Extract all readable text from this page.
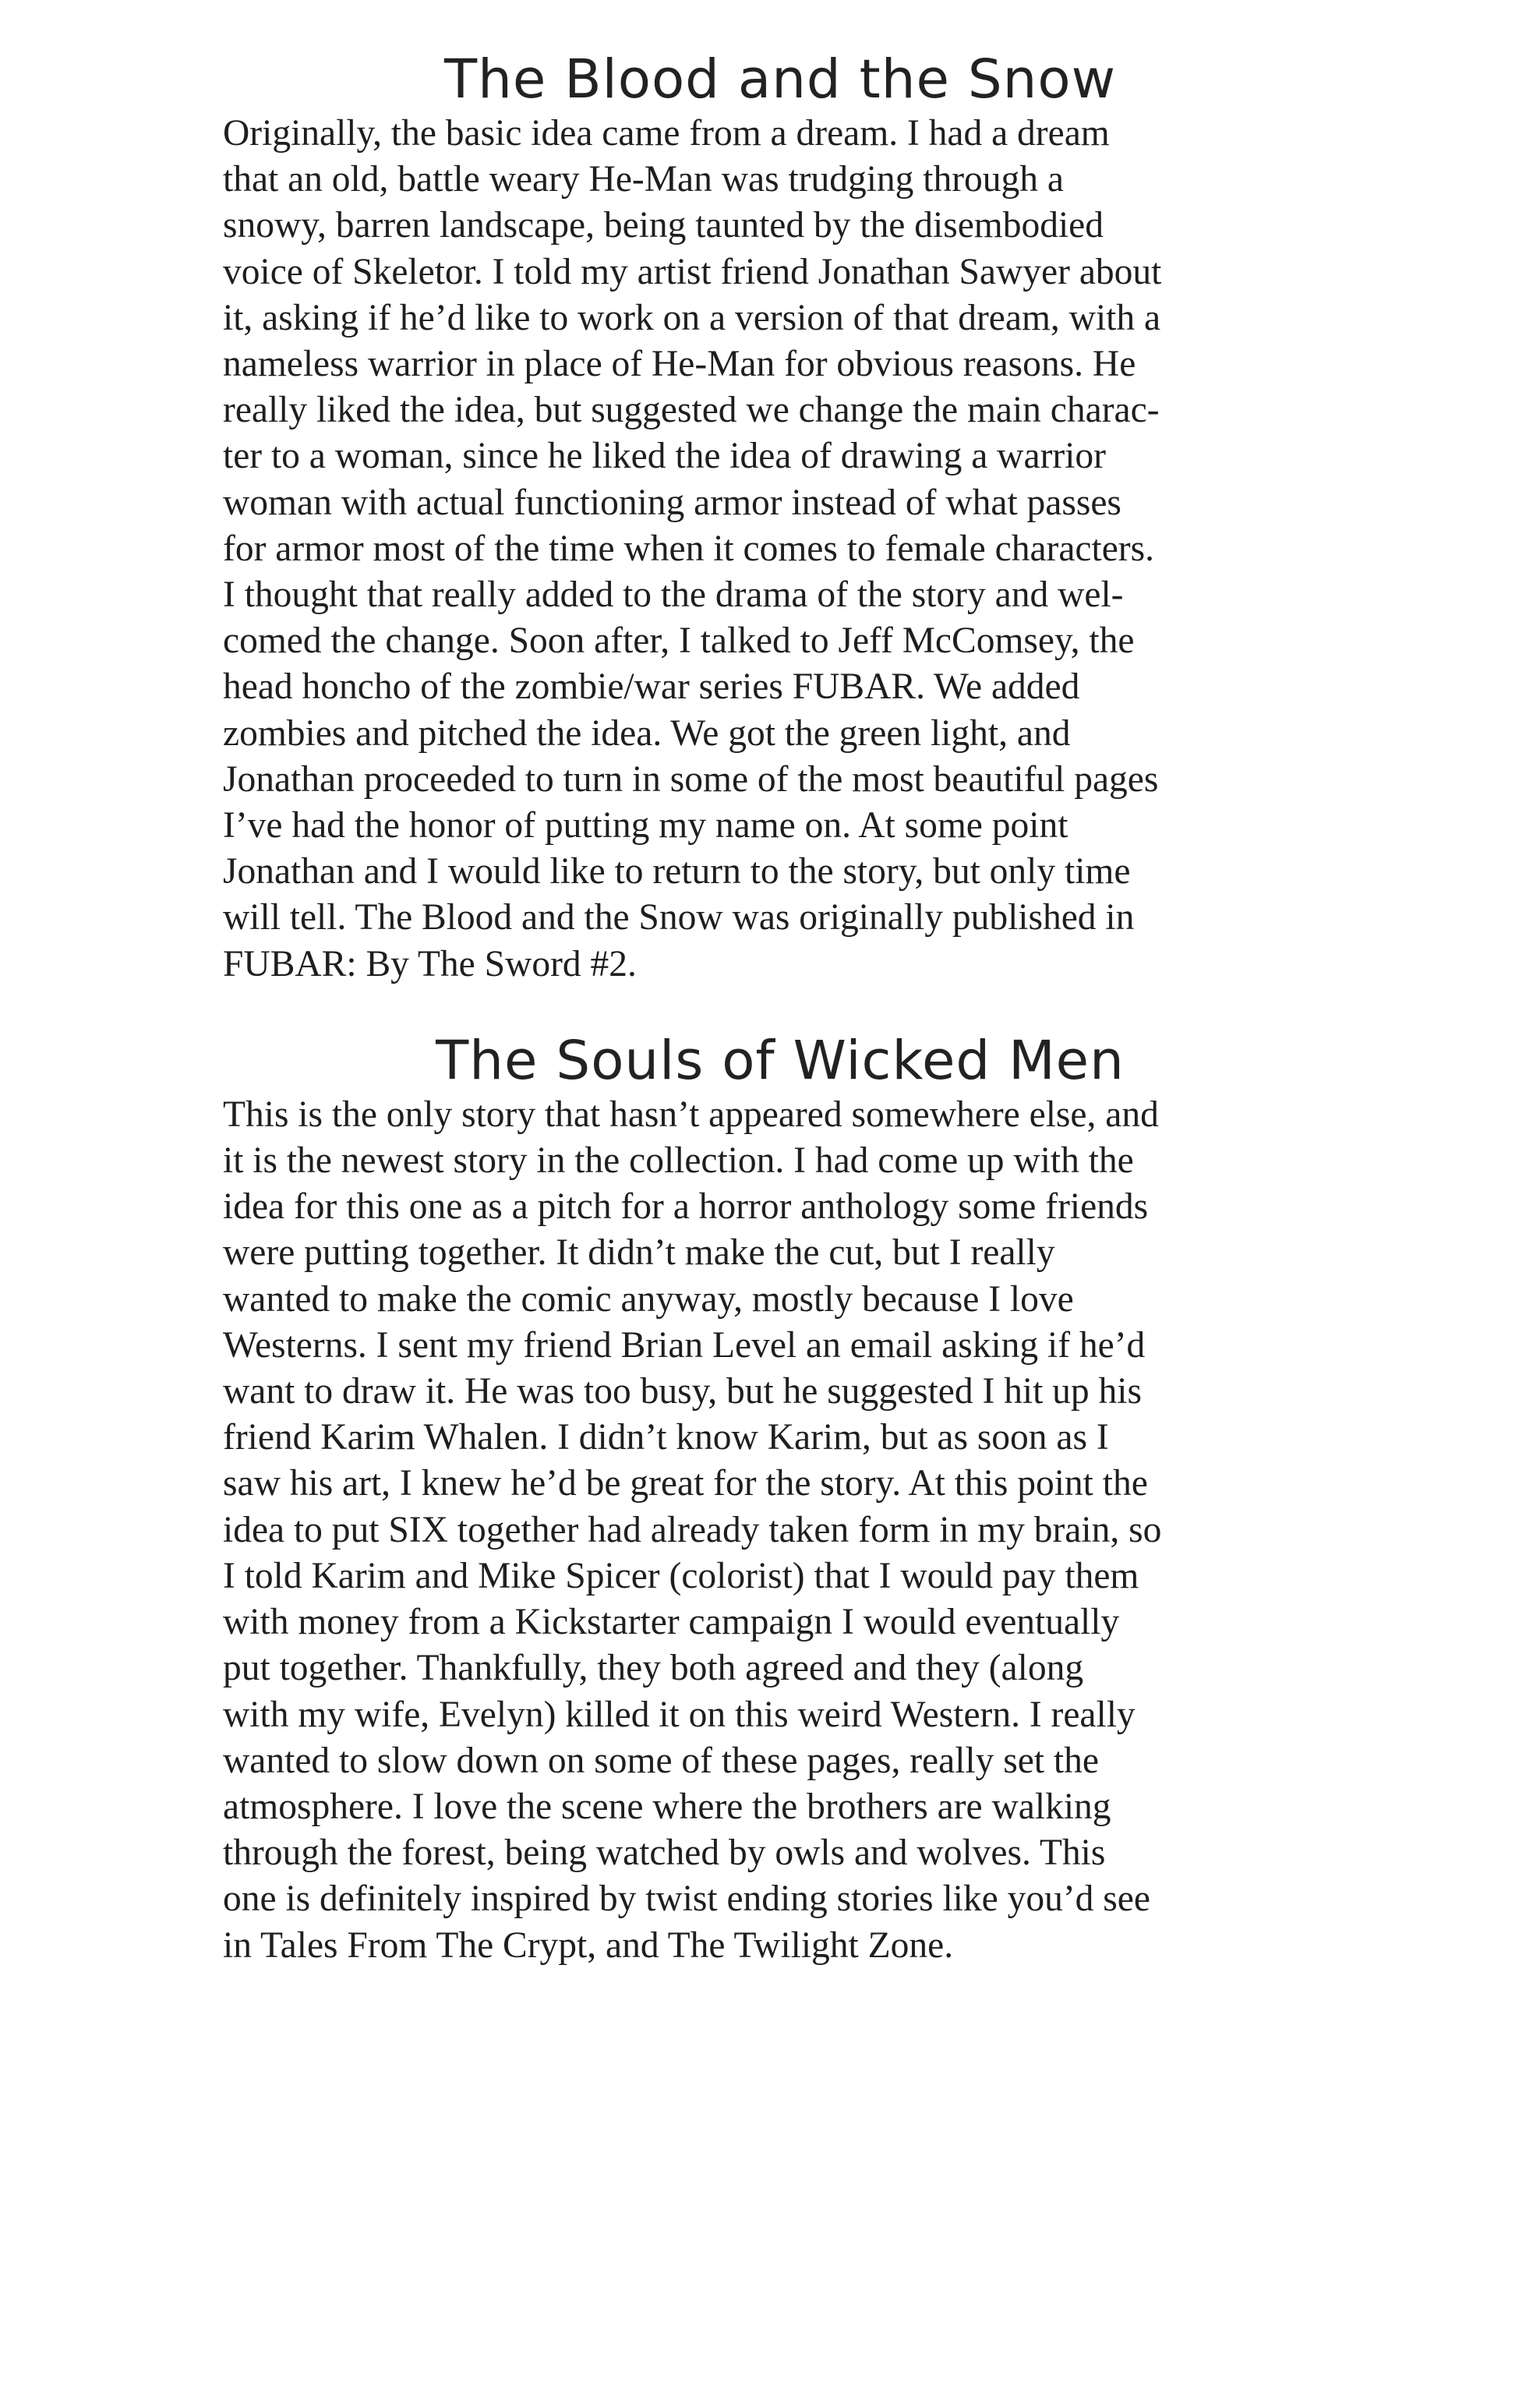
The Blood and the Snow

Originally, the basic idea came from a dream. I had a dream
that an old, battle weary He-Man was trudging through a
snowy, barren landscape, being taunted by the disembodied
voice of Skeletor. I told my artist friend Jonathan Sawyer about
it, asking if he’d like to work on a version of that dream, with a
nameless warrior in place of He-Man for obvious reasons. He
really liked the idea, but suggested we change the main charac-
ter to a woman, since he liked the idea of drawing a warrior
woman with actual functioning armor instead of what passes
for armor most of the time when it comes to female characters.
I thought that really added to the drama of the story and wel-
comed the change. Soon after, I talked to Jeff McComsey, the
head honcho of the zombie/war series FUBAR. We added
zombies and pitched the idea. We got the green light, and
Jonathan proceeded to turn in some of the most beautiful pages
I’ve had the honor of putting my name on. At some point
Jonathan and I would like to return to the story, but only time
will tell. The Blood and the Snow was originally published in
FUBAR: By The Sword #2.

The Souls of Wicked Men

This is the only story that hasn’t appeared somewhere else, and
it is the newest story in the collection. I had come up with the
idea for this one as a pitch for a horror anthology some friends
were putting together. It didn’t make the cut, but I really
wanted to make the comic anyway, mostly because I love
Westerns. I sent my friend Brian Level an email asking if he’d
want to draw it. He was too busy, but he suggested I hit up his
friend Karim Whalen. I didn’t know Karim, but as soon as I
saw his art, I knew he’d be great for the story. At this point the
idea to put SIX together had already taken form in my brain, so
I told Karim and Mike Spicer (colorist) that I would pay them
with money from a Kickstarter campaign I would eventually
put together. Thankfully, they both agreed and they (along
with my wife, Evelyn) killed it on this weird Western. I really
wanted to slow down on some of these pages, really set the
atmosphere. I love the scene where the brothers are walking
through the forest, being watched by owls and wolves. This
one is definitely inspired by twist ending stories like you’d see
in Tales From The Crypt, and The Twilight Zone.
